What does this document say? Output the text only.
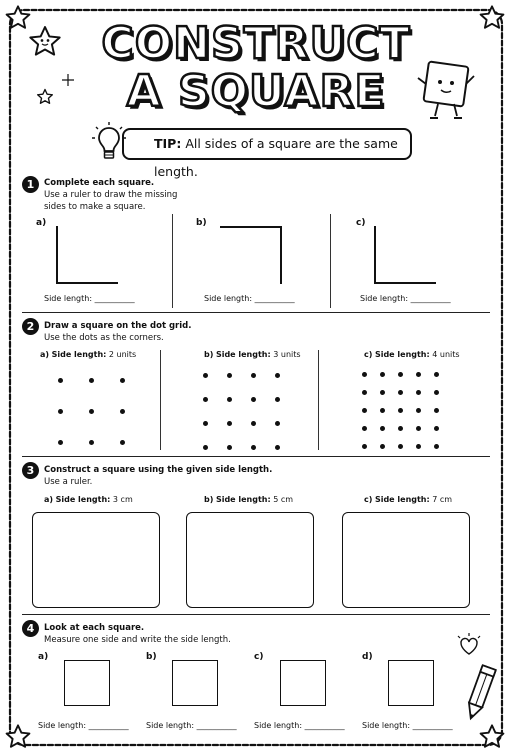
CONSTRUCT
A SQUARE
TIP: All sides of a square are the same length.
1	Complete each square.
Use a ruler to draw the missing sides to make a square.
a)
Side length: __________
b)
Side length: __________
c)
Side length: __________
2	Draw a square on the dot grid.
Use the dots as the corners.
a) Side length: 2 units	b) Side length: 3 units	c) Side length: 4 units
3	Construct a square using the given side length.
Use a ruler.
a) Side length: 3 cm	b) Side length: 5 cm	c) Side length: 7 cm
4	Look at each square.
Measure one side and write the side length.
a)
Side length: __________
b)
Side length: __________
c)
Side length: __________
d)
Side length: __________
